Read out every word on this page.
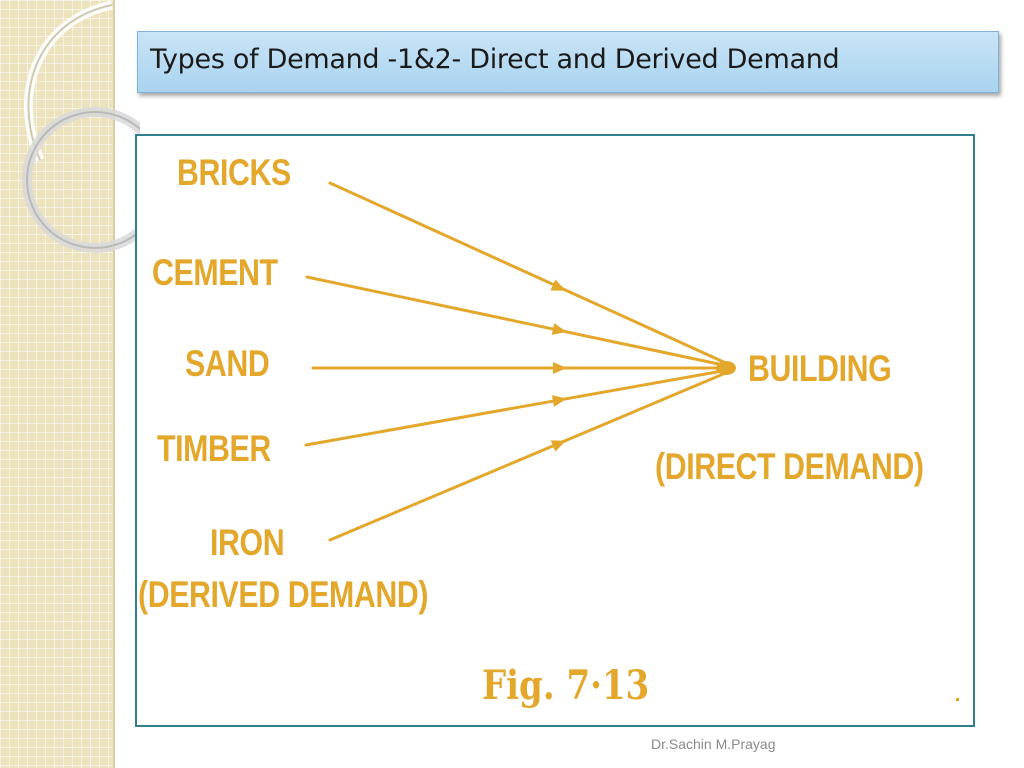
Types of Demand -1&2- Direct and Derived Demand
BRICKS
CEMENT
SAND
TIMBER
IRON
(DERIVED DEMAND)
BUILDING
(DIRECT DEMAND)
Fig. 7·13
Dr.Sachin M.Prayag
